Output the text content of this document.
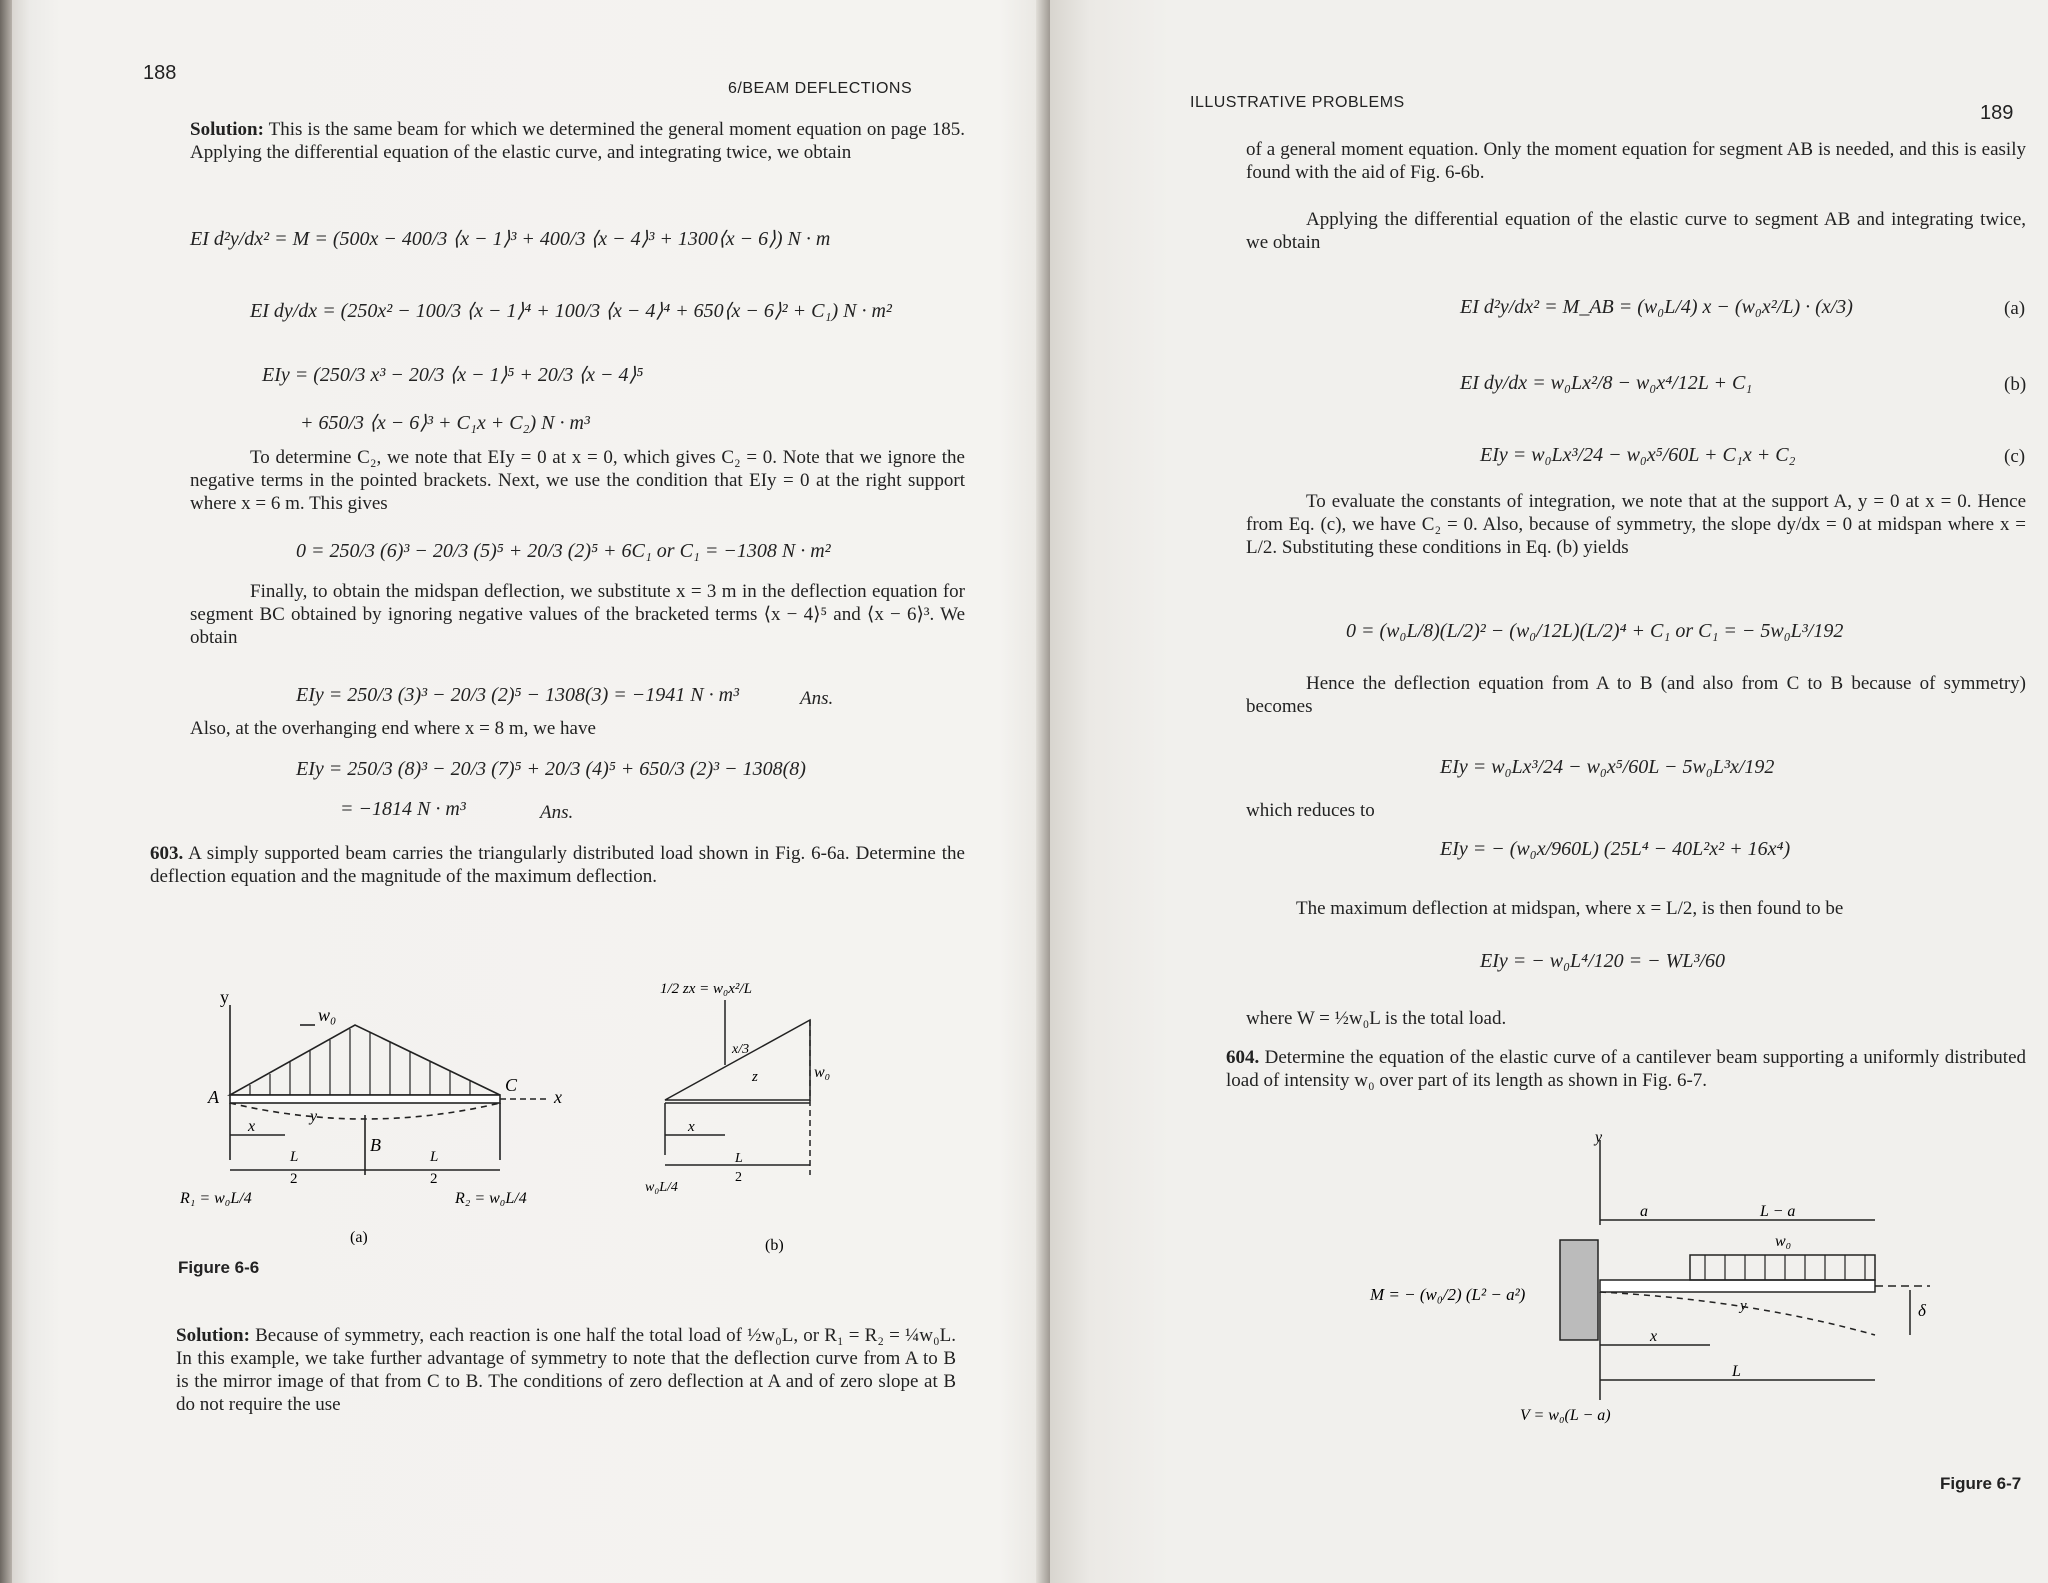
188
6/BEAM DEFLECTIONS
Solution: This is the same beam for which we determined the general moment equation on page 185. Applying the differential equation of the elastic curve, and integrating twice, we obtain
EI d²y/dx² = M = (500x − 400/3 ⟨x − 1⟩³ + 400/3 ⟨x − 4⟩³ + 1300⟨x − 6⟩) N · m
EI dy/dx = (250x² − 100/3 ⟨x − 1⟩⁴ + 100/3 ⟨x − 4⟩⁴ + 650⟨x − 6⟩² + C₁) N · m²
EIy = (250/3 x³ − 20/3 ⟨x − 1⟩⁵ + 20/3 ⟨x − 4⟩⁵
+ 650/3 ⟨x − 6⟩³ + C₁x + C₂) N · m³
To determine C₂, we note that EIy = 0 at x = 0, which gives C₂ = 0. Note that we ignore the negative terms in the pointed brackets. Next, we use the condition that EIy = 0 at the right support where x = 6 m. This gives
0 = 250/3 (6)³ − 20/3 (5)⁵ + 20/3 (2)⁵ + 6C₁ or C₁ = −1308 N · m²
Finally, to obtain the midspan deflection, we substitute x = 3 m in the deflection equation for segment BC obtained by ignoring negative values of the bracketed terms ⟨x − 4⟩⁵ and ⟨x − 6⟩³. We obtain
EIy = 250/3 (3)³ − 20/3 (2)⁵ − 1308(3) = −1941 N · m³	Ans.
Also, at the overhanging end where x = 8 m, we have
EIy = 250/3 (8)³ − 20/3 (7)⁵ + 20/3 (4)⁵ + 650/3 (2)³ − 1308(8)
= −1814 N · m³	Ans.
603. A simply supported beam carries the triangularly distributed load shown in Fig. 6-6a. Determine the deflection equation and the magnitude of the maximum deflection.
y
w₀
A
C
x
y
x
B
L
2
L
2
R₁ = w₀L/4	R₂ = w₀L/4
(a)
1/2 zx = w₀x²/L
x/3
z	w₀
x
L
2
w₀L/4
(b)
Figure 6-6
Solution: Because of symmetry, each reaction is one half the total load of ½w₀L, or R₁ = R₂ = ¼w₀L. In this example, we take further advantage of symmetry to note that the deflection curve from A to B is the mirror image of that from C to B. The conditions of zero deflection at A and of zero slope at B do not require the use
ILLUSTRATIVE PROBLEMS	189
of a general moment equation. Only the moment equation for segment AB is needed, and this is easily found with the aid of Fig. 6-6b.
Applying the differential equation of the elastic curve to segment AB and integrating twice, we obtain
EI d²y/dx² = M_AB = (w₀L/4) x − (w₀x²/L) · (x/3)	(a)
EI dy/dx = w₀Lx²/8 − w₀x⁴/12L + C₁	(b)
EIy = w₀Lx³/24 − w₀x⁵/60L + C₁x + C₂	(c)
To evaluate the constants of integration, we note that at the support A, y = 0 at x = 0. Hence from Eq. (c), we have C₂ = 0. Also, because of symmetry, the slope dy/dx = 0 at midspan where x = L/2. Substituting these conditions in Eq. (b) yields
0 = (w₀L/8)(L/2)² − (w₀/12L)(L/2)⁴ + C₁ or C₁ = − 5w₀L³/192
Hence the deflection equation from A to B (and also from C to B because of symmetry) becomes
EIy = w₀Lx³/24 − w₀x⁵/60L − 5w₀L³x/192
which reduces to
EIy = − (w₀x/960L) (25L⁴ − 40L²x² + 16x⁴)
The maximum deflection at midspan, where x = L/2, is then found to be
EIy = − w₀L⁴/120 = − WL³/60
where W = ½w₀L is the total load.
604. Determine the equation of the elastic curve of a cantilever beam supporting a uniformly distributed load of intensity w₀ over part of its length as shown in Fig. 6-7.
y
a	L − a
w₀
M = − (w₀/2) (L² − a²)
y
x
δ
L
V = w₀(L − a)
Figure 6-7
